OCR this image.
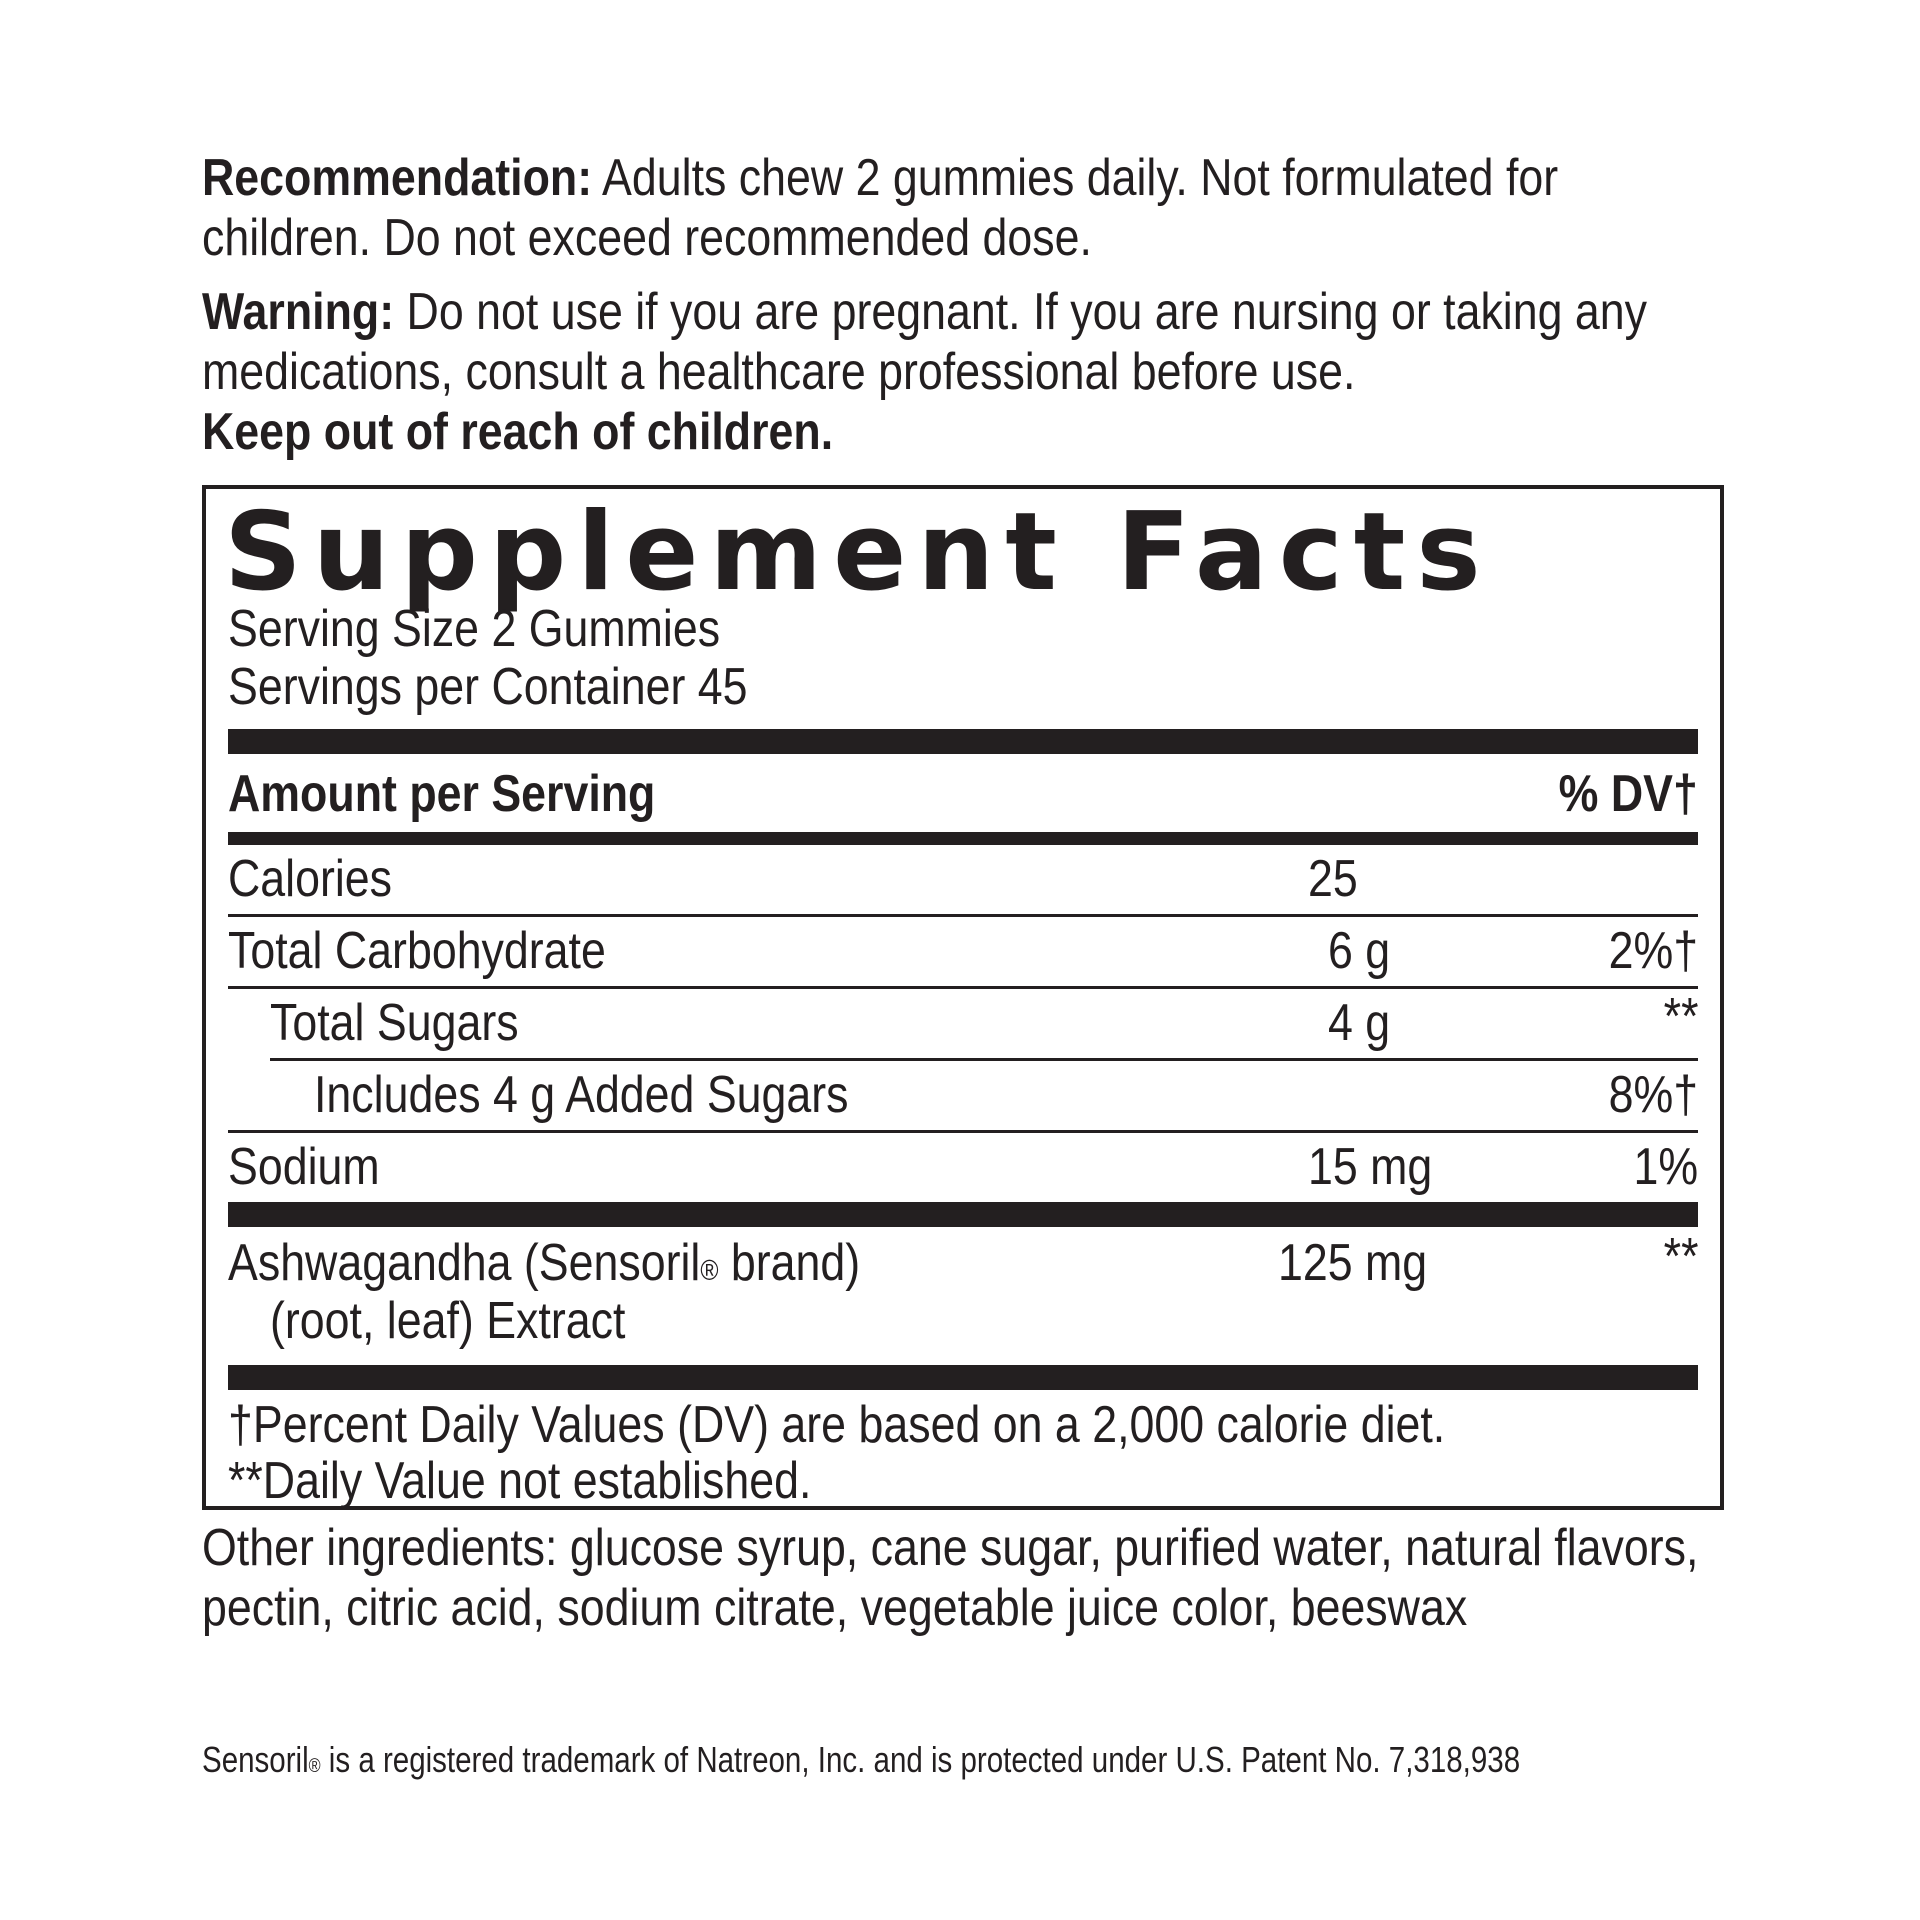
Recommendation: Adults chew 2 gummies daily. Not formulated for children. Do not exceed recommended dose.

Warning: Do not use if you are pregnant. If you are nursing or taking any medications, consult a healthcare professional before use.
Keep out of reach of children.

Supplement Facts
Serving Size 2 Gummies
Servings per Container 45
Amount per Serving	% DV†
Calories	25
Total Carbohydrate	6 g	2%†
Total Sugars	4 g	**
Includes 4 g Added Sugars	8%†
Sodium	15 mg	1%
Ashwagandha (Sensoril® brand)
(root, leaf) Extract
125 mg	**
†Percent Daily Values (DV) are based on a 2,000 calorie diet.
**Daily Value not established.
Other ingredients: glucose syrup, cane sugar, purified water, natural flavors, pectin, citric acid, sodium citrate, vegetable juice color, beeswax
Sensoril® is a registered trademark of Natreon, Inc. and is protected under U.S. Patent No. 7,318,938
